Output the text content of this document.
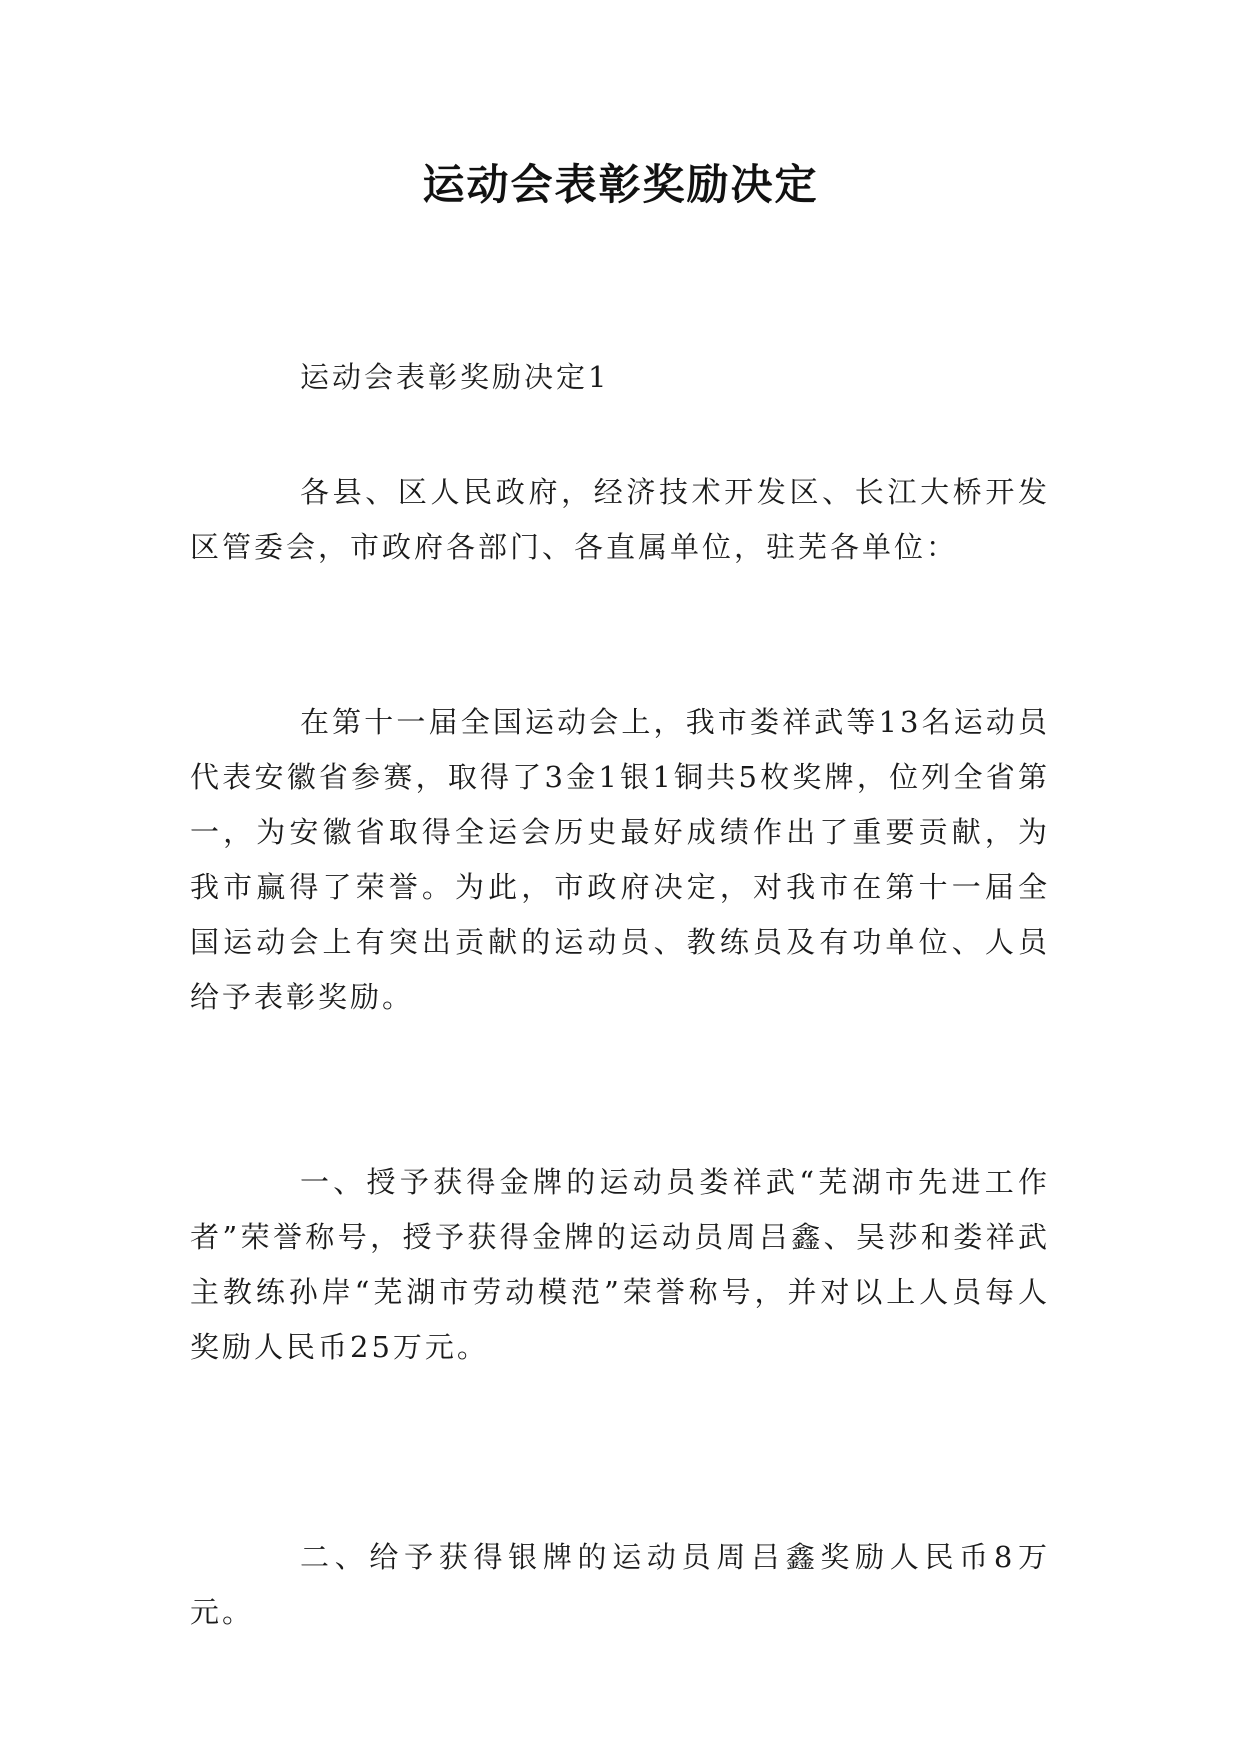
运动会表彰奖励决定
运动会表彰奖励决定1
各县、区人民政府，经济技术开发区、长江大桥开发区管委会，市政府各部门、各直属单位，驻芜各单位：
在第十一届全国运动会上，我市娄祥武等13名运动员代表安徽省参赛，取得了3金1银1铜共5枚奖牌，位列全省第一，为安徽省取得全运会历史最好成绩作出了重要贡献，为我市赢得了荣誉。为此，市政府决定，对我市在第十一届全国运动会上有突出贡献的运动员、教练员及有功单位、人员给予表彰奖励。
一、授予获得金牌的运动员娄祥武“芜湖市先进工作者”荣誉称号，授予获得金牌的运动员周吕鑫、吴莎和娄祥武主教练孙岸“芜湖市劳动模范”荣誉称号，并对以上人员每人奖励人民币25万元。
二、给予获得银牌的运动员周吕鑫奖励人民币8万元。
